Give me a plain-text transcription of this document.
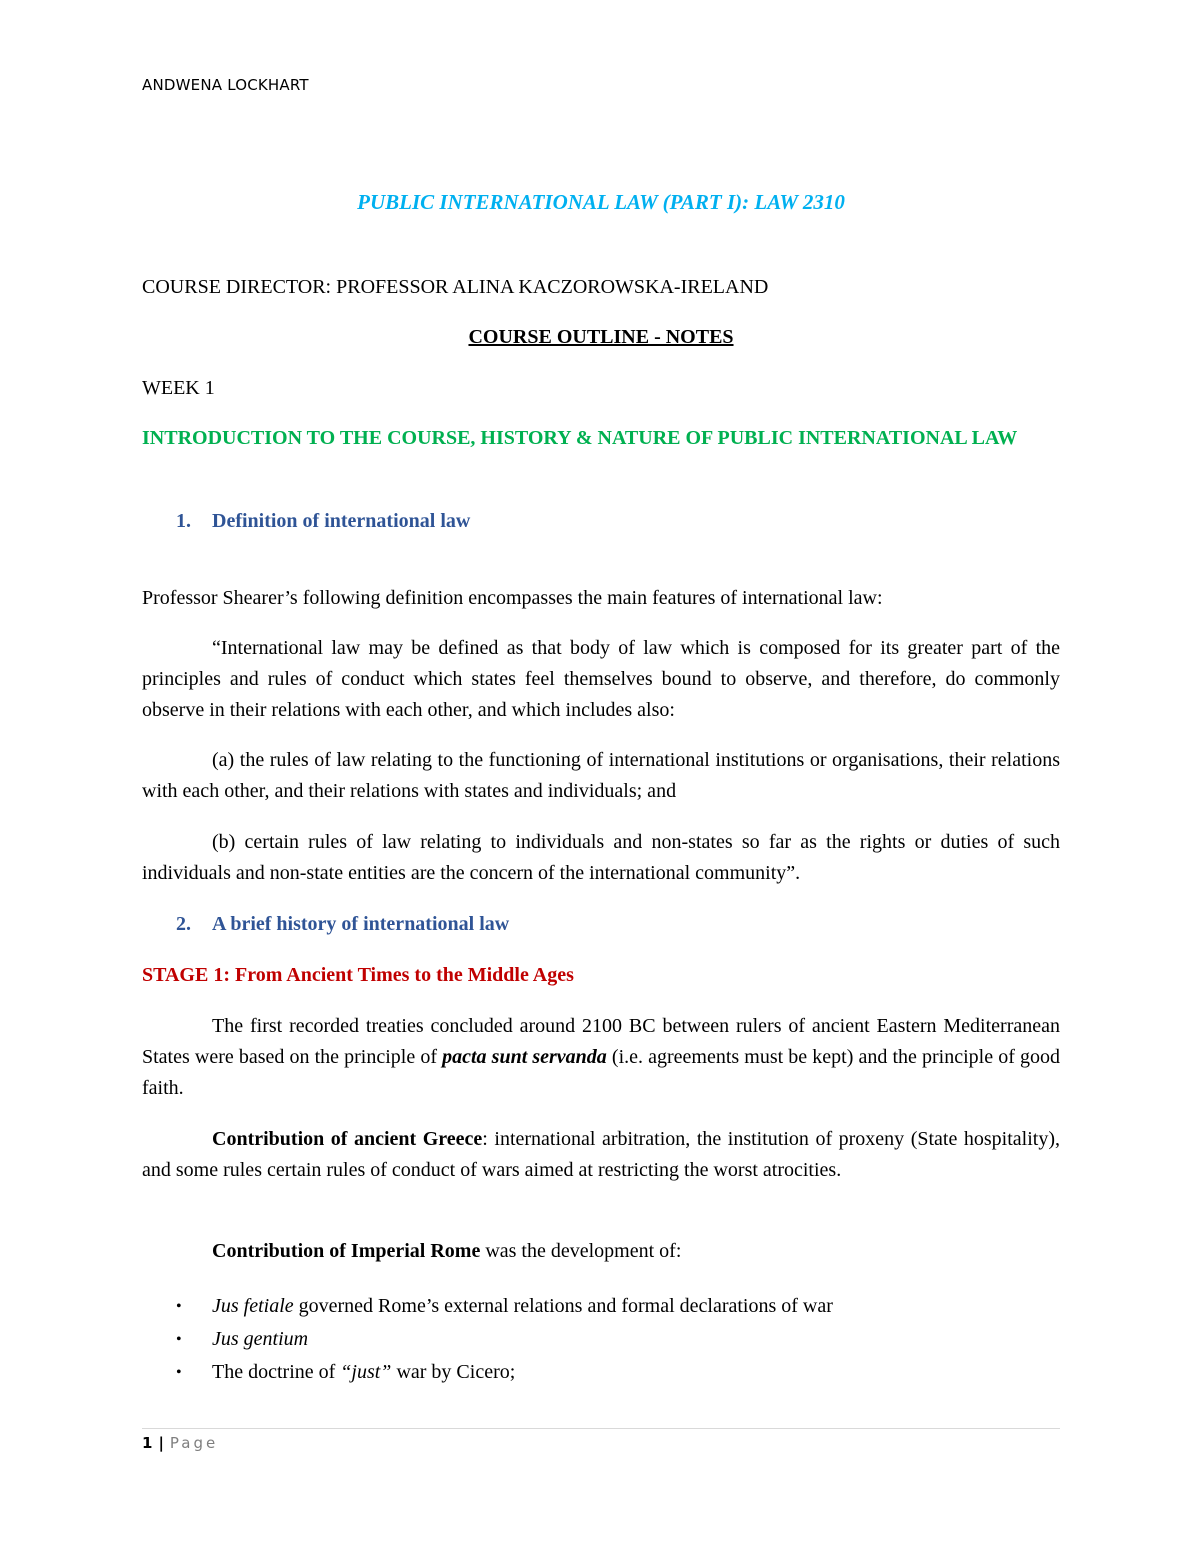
ANDWENA LOCKHART
PUBLIC INTERNATIONAL LAW (PART I): LAW 2310
COURSE DIRECTOR: PROFESSOR ALINA KACZOROWSKA-IRELAND
COURSE OUTLINE - NOTES
WEEK 1
INTRODUCTION TO THE COURSE, HISTORY & NATURE OF PUBLIC INTERNATIONAL LAW
1. Definition of international law
Professor Shearer’s following definition encompasses the main features of international law:
“International law may be defined as that body of law which is composed for its greater part of the principles and rules of conduct which states feel themselves bound to observe, and therefore, do commonly observe in their relations with each other, and which includes also:
(a) the rules of law relating to the functioning of international institutions or organisations, their relations with each other, and their relations with states and individuals; and
(b) certain rules of law relating to individuals and non-states so far as the rights or duties of such individuals and non-state entities are the concern of the international community”.
2. A brief history of international law
STAGE 1: From Ancient Times to the Middle Ages
The first recorded treaties concluded around 2100 BC between rulers of ancient Eastern Mediterranean States were based on the principle of pacta sunt servanda (i.e. agreements must be kept) and the principle of good faith.
Contribution of ancient Greece: international arbitration, the institution of proxeny (State hospitality), and some rules certain rules of conduct of wars aimed at restricting the worst atrocities.
Contribution of Imperial Rome was the development of:
• Jus fetiale governed Rome’s external relations and formal declarations of war
• Jus gentium
• The doctrine of “just” war by Cicero;
1 | Page
